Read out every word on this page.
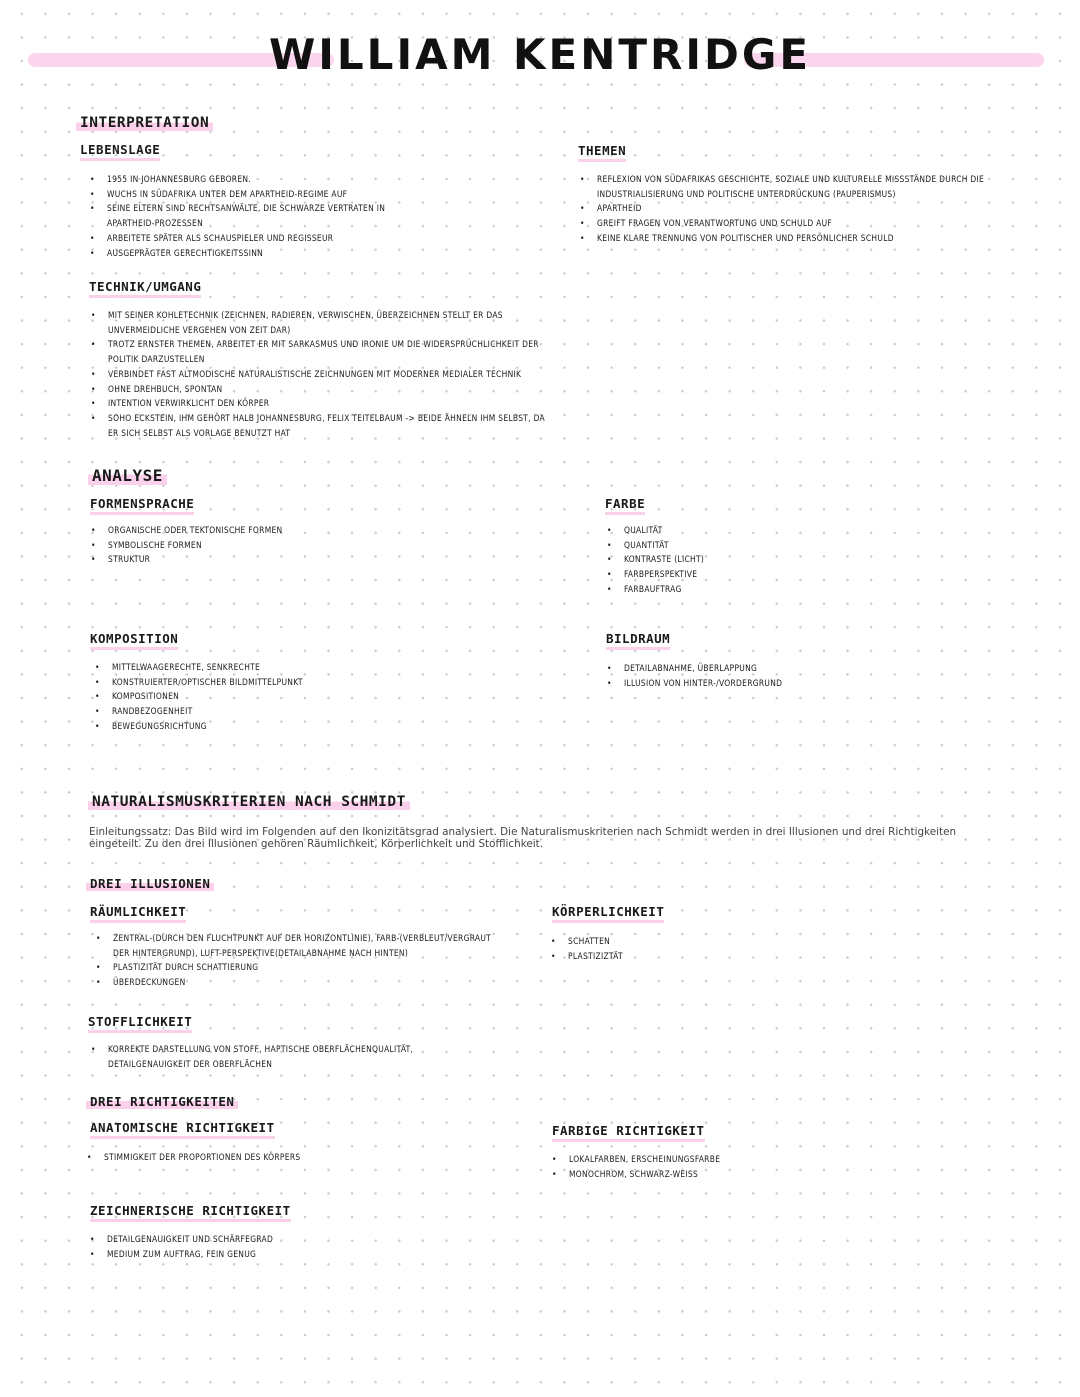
WILLIAM KENTRIDGE
INTERPRETATION
LEBENSLAGE
• 1955 IN JOHANNESBURG GEBOREN.
• WUCHS IN SÜDAFRIKA UNTER DEM APARTHEID-REGIME AUF
• SEINE ELTERN SIND RECHTSANWÄLTE, DIE SCHWARZE VERTRATEN IN APARTHEID-PROZESSEN
• ARBEITETE SPÄTER ALS SCHAUSPIELER UND REGISSEUR
• AUSGEPRÄGTER GERECHTIGKEITSSINN
THEMEN
• REFLEXION VON SÜDAFRIKAS GESCHICHTE, SOZIALE UND KULTURELLE MISSSTÄNDE DURCH DIE INDUSTRIALISIERUNG UND POLITISCHE UNTERDRÜCKUNG (PAUPERISMUS)
• APARTHEID
• GREIFT FRAGEN VON VERANTWORTUNG UND SCHULD AUF
• KEINE KLARE TRENNUNG VON POLITISCHER UND PERSÖNLICHER SCHULD
TECHNIK/UMGANG
• MIT SEINER KOHLETECHNIK (ZEICHNEN, RADIEREN, VERWISCHEN, ÜBERZEICHNEN STELLT ER DAS UNVERMEIDLICHE VERGEHEN VON ZEIT DAR)
• TROTZ ERNSTER THEMEN, ARBEITET ER MIT SARKASMUS UND IRONIE UM DIE WIDERSPRÜCHLICHKEIT DER POLITIK DARZUSTELLEN
• VERBINDET FAST ALTMODISCHE NATURALISTISCHE ZEICHNUNGEN MIT MODERNER MEDIALER TECHNIK
• OHNE DREHBUCH, SPONTAN
• INTENTION VERWIRKLICHT DEN KÖRPER
• SOHO ECKSTEIN, IHM GEHÖRT HALB JOHANNESBURG, FELIX TEITELBAUM -> BEIDE ÄHNELN IHM SELBST, DA ER SICH SELBST ALS VORLAGE BENUTZT HAT
ANALYSE
FORMENSPRACHE
• ORGANISCHE ODER TEKTONISCHE FORMEN
• SYMBOLISCHE FORMEN
• STRUKTUR
FARBE
• QUALITÄT
• QUANTITÄT
• KONTRASTE (LICHT)
• FARBPERSPEKTIVE
• FARBAUFTRAG
KOMPOSITION
• MITTELWAAGERECHTE, SENKRECHTE
• KONSTRUIERTER/OPTISCHER BILDMITTELPUNKT
• KOMPOSITIONEN
• RANDBEZOGENHEIT
• BEWEGUNGSRICHTUNG
BILDRAUM
• DETAILABNAHME, ÜBERLAPPUNG
• ILLUSION VON HINTER-/VORDERGRUND
NATURALISMUSKRITERIEN NACH SCHMIDT

Einleitungssatz: Das Bild wird im Folgenden auf den Ikonizitätsgrad analysiert. Die Naturalismuskriterien nach Schmidt werden in drei Illusionen und drei Richtigkeiten eingeteilt. Zu den drei Illusionen gehören Räumlichkeit, Körperlichkeit und Stofflichkeit.

DREI ILLUSIONEN
RÄUMLICHKEIT
• ZENTRAL-(DURCH DEN FLUCHTPUNKT AUF DER HORIZONTLINIE), FARB-(VERBLEUT/VERGRAUT DER HINTERGRUND), LUFT-PERSPEKTIVE(DETAILABNAHME NACH HINTEN)
• PLASTIZITÄT DURCH SCHATTIERUNG
• ÜBERDECKUNGEN
KÖRPERLICHKEIT
• SCHATTEN
• PLASTIZIZTÄT
STOFFLICHKEIT
• KORREKTE DARSTELLUNG VON STOFF, HAPTISCHE OBERFLÄCHENQUALITÄT, DETAILGENAUIGKEIT DER OBERFLÄCHEN
DREI RICHTIGKEITEN
ANATOMISCHE RICHTIGKEIT
• STIMMIGKEIT DER PROPORTIONEN DES KÖRPERS
FARBIGE RICHTIGKEIT
• LOKALFARBEN, ERSCHEINUNGSFARBE
• MONOCHROM, SCHWARZ-WEISS
ZEICHNERISCHE RICHTIGKEIT
• DETAILGENAUIGKEIT UND SCHÄRFEGRAD
• MEDIUM ZUM AUFTRAG, FEIN GENUG
